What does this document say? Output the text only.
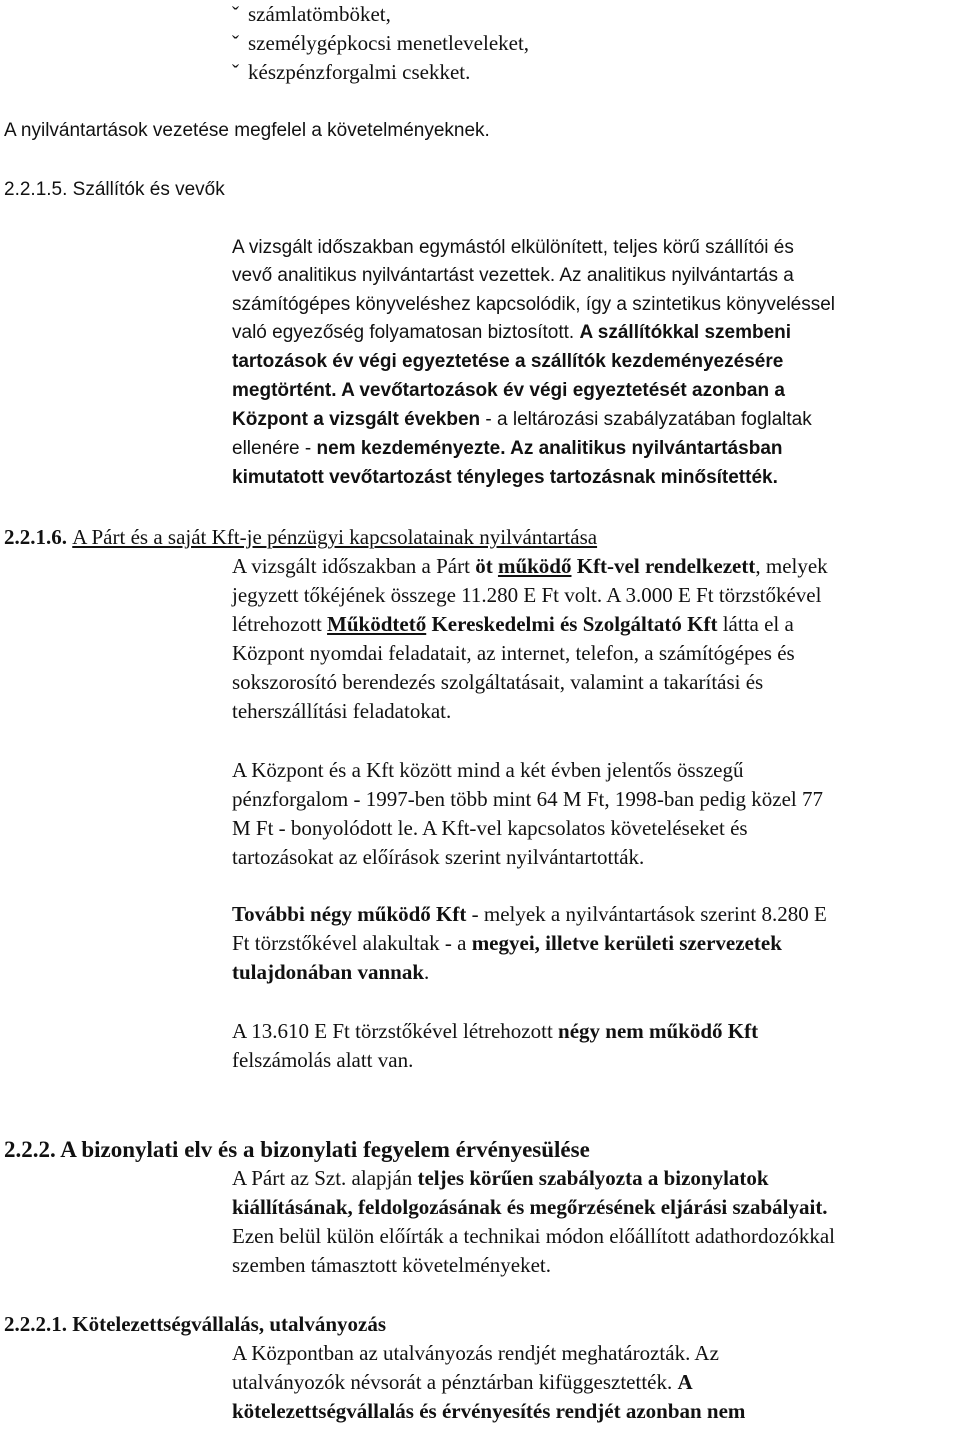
ˇ számlatömböket,
ˇ személygépkocsi menetleveleket,
ˇ készpénzforgalmi csekket.
A nyilvántartások vezetése megfelel a követelményeknek.
2.2.1.5. Szállítók és vevők
A vizsgált időszakban egymástól elkülönített, teljes körű szállítói és
vevő analitikus nyilvántartást vezettek. Az analitikus nyilvántartás a
számítógépes könyveléshez kapcsolódik, így a szintetikus könyveléssel
való egyezőség folyamatosan biztosított. A szállítókkal szembeni
tartozások év végi egyeztetése a szállítók kezdeményezésére
megtörtént. A vevőtartozások év végi egyeztetését azonban a
Központ a vizsgált években - a leltározási szabályzatában foglaltak
ellenére - nem kezdeményezte. Az analitikus nyilvántartásban
kimutatott vevőtartozást tényleges tartozásnak minősítették.
2.2.1.6. A Párt és a saját Kft-je pénzügyi kapcsolatainak nyilvántartása
A vizsgált időszakban a Párt öt működő Kft-vel rendelkezett, melyek
jegyzett tőkéjének összege 11.280 E Ft volt. A 3.000 E Ft törzstőkével
létrehozott Működtető Kereskedelmi és Szolgáltató Kft látta el a
Központ nyomdai feladatait, az internet, telefon, a számítógépes és
sokszorosító berendezés szolgáltatásait, valamint a takarítási és
teherszállítási feladatokat.
A Központ és a Kft között mind a két évben jelentős összegű
pénzforgalom - 1997-ben több mint 64 M Ft, 1998-ban pedig közel 77
M Ft - bonyolódott le. A Kft-vel kapcsolatos követeléseket és
tartozásokat az előírások szerint nyilvántartották.
További négy működő Kft - melyek a nyilvántartások szerint 8.280 E
Ft törzstőkével alakultak - a megyei, illetve kerületi szervezetek
tulajdonában vannak.
A 13.610 E Ft törzstőkével létrehozott négy nem működő Kft
felszámolás alatt van.
2.2.2. A bizonylati elv és a bizonylati fegyelem érvényesülése
A Párt az Szt. alapján teljes körűen szabályozta a bizonylatok
kiállításának, feldolgozásának és megőrzésének eljárási szabályait.
Ezen belül külön előírták a technikai módon előállított adathordozókkal
szemben támasztott követelményeket.
2.2.2.1. Kötelezettségvállalás, utalványozás
A Központban az utalványozás rendjét meghatározták. Az
utalványozók névsorát a pénztárban kifüggesztették. A
kötelezettségvállalás és érvényesítés rendjét azonban nem
